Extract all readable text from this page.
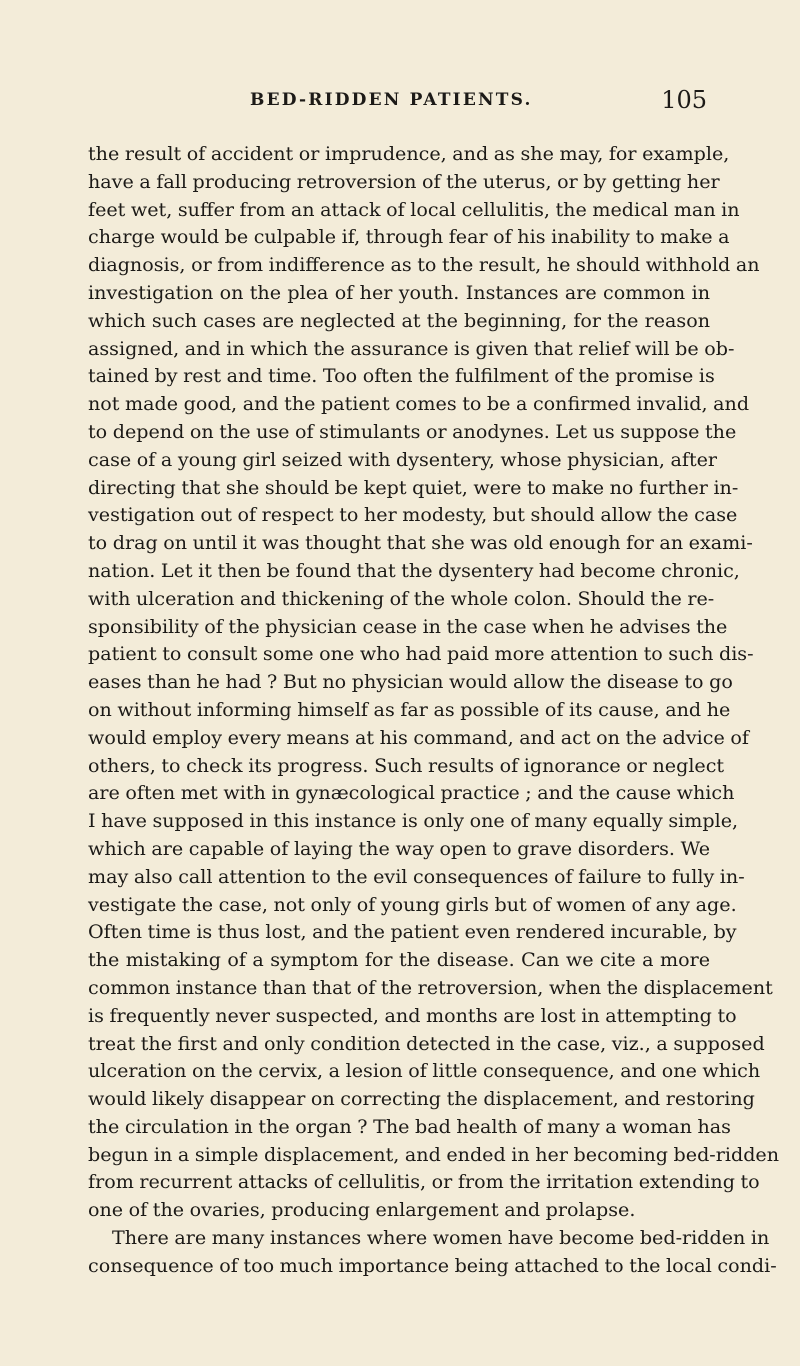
BED-RIDDEN PATIENTS.	105
the result of accident or imprudence, and as she may, for example,
have a fall producing retroversion of the uterus, or by getting her
feet wet, suffer from an attack of local cellulitis, the medical man in
charge would be culpable if, through fear of his inability to make a
diagnosis, or from indifference as to the result, he should withhold an
investigation on the plea of her youth. Instances are common in
which such cases are neglected at the beginning, for the reason
assigned, and in which the assurance is given that relief will be ob-
tained by rest and time. Too often the fulfilment of the promise is
not made good, and the patient comes to be a confirmed invalid, and
to depend on the use of stimulants or anodynes. Let us suppose the
case of a young girl seized with dysentery, whose physician, after
directing that she should be kept quiet, were to make no further in-
vestigation out of respect to her modesty, but should allow the case
to drag on until it was thought that she was old enough for an exami-
nation. Let it then be found that the dysentery had become chronic,
with ulceration and thickening of the whole colon. Should the re-
sponsibility of the physician cease in the case when he advises the
patient to consult some one who had paid more attention to such dis-
eases than he had ? But no physician would allow the disease to go
on without informing himself as far as possible of its cause, and he
would employ every means at his command, and act on the advice of
others, to check its progress. Such results of ignorance or neglect
are often met with in gynæcological practice ; and the cause which
I have supposed in this instance is only one of many equally simple,
which are capable of laying the way open to grave disorders. We
may also call attention to the evil consequences of failure to fully in-
vestigate the case, not only of young girls but of women of any age.
Often time is thus lost, and the patient even rendered incurable, by
the mistaking of a symptom for the disease. Can we cite a more
common instance than that of the retroversion, when the displacement
is frequently never suspected, and months are lost in attempting to
treat the first and only condition detected in the case, viz., a supposed
ulceration on the cervix, a lesion of little consequence, and one which
would likely disappear on correcting the displacement, and restoring
the circulation in the organ ? The bad health of many a woman has
begun in a simple displacement, and ended in her becoming bed-ridden
from recurrent attacks of cellulitis, or from the irritation extending to
one of the ovaries, producing enlargement and prolapse.
There are many instances where women have become bed-ridden in
consequence of too much importance being attached to the local condi-
